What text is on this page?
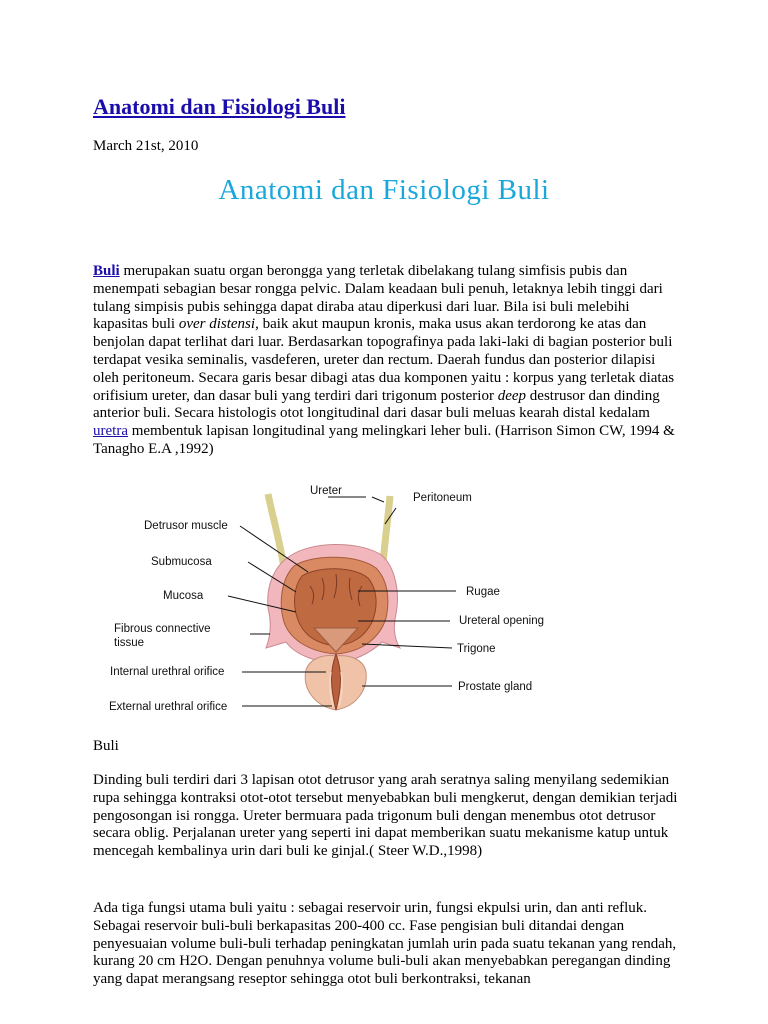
Anatomi dan Fisiologi Buli
March 21st, 2010
Anatomi dan Fisiologi Buli

Buli merupakan suatu organ berongga yang terletak dibelakang tulang simfisis pubis dan menempati sebagian besar rongga pelvic. Dalam keadaan buli penuh, letaknya lebih tinggi dari tulang simpisis pubis sehingga dapat diraba atau diperkusi dari luar. Bila isi buli melebihi kapasitas buli over distensi, baik akut maupun kronis, maka usus akan terdorong ke atas dan benjolan dapat terlihat dari luar. Berdasarkan topografinya pada laki-laki di bagian posterior buli terdapat vesika seminalis, vasdeferen, ureter dan rectum. Daerah fundus dan posterior dilapisi oleh peritoneum. Secara garis besar dibagi atas dua komponen yaitu : korpus yang terletak diatas orifisium ureter, dan dasar buli yang terdiri dari trigonum posterior deep destrusor dan dinding anterior buli. Secara histologis otot longitudinal dari dasar buli meluas kearah distal kedalam uretra membentuk lapisan longitudinal yang melingkari leher buli. (Harrison Simon CW, 1994 & Tanagho E.A ,1992)

Ureter
Peritoneum
Detrusor muscle
Submucosa
Mucosa
Fibrous connective
tissue
Internal urethral orifice
External urethral orifice
Rugae
Ureteral opening
Trigone
Prostate gland
Buli

Dinding buli terdiri dari 3 lapisan otot detrusor yang arah seratnya saling menyilang sedemikian rupa sehingga kontraksi otot-otot tersebut menyebabkan buli mengkerut, dengan demikian terjadi pengosongan isi rongga. Ureter bermuara pada trigonum buli dengan menembus otot detrusor secara oblig. Perjalanan ureter yang seperti ini dapat memberikan suatu mekanisme katup untuk mencegah kembalinya urin dari buli ke ginjal.( Steer W.D.,1998)

Ada tiga fungsi utama buli yaitu : sebagai reservoir urin, fungsi ekpulsi urin, dan anti refluk. Sebagai reservoir buli-buli berkapasitas 200-400 cc. Fase pengisian buli ditandai dengan penyesuaian volume buli-buli terhadap peningkatan jumlah urin pada suatu tekanan yang rendah, kurang 20 cm H2O. Dengan penuhnya volume buli-buli akan menyebabkan peregangan dinding yang dapat merangsang reseptor sehingga otot buli berkontraksi, tekanan
